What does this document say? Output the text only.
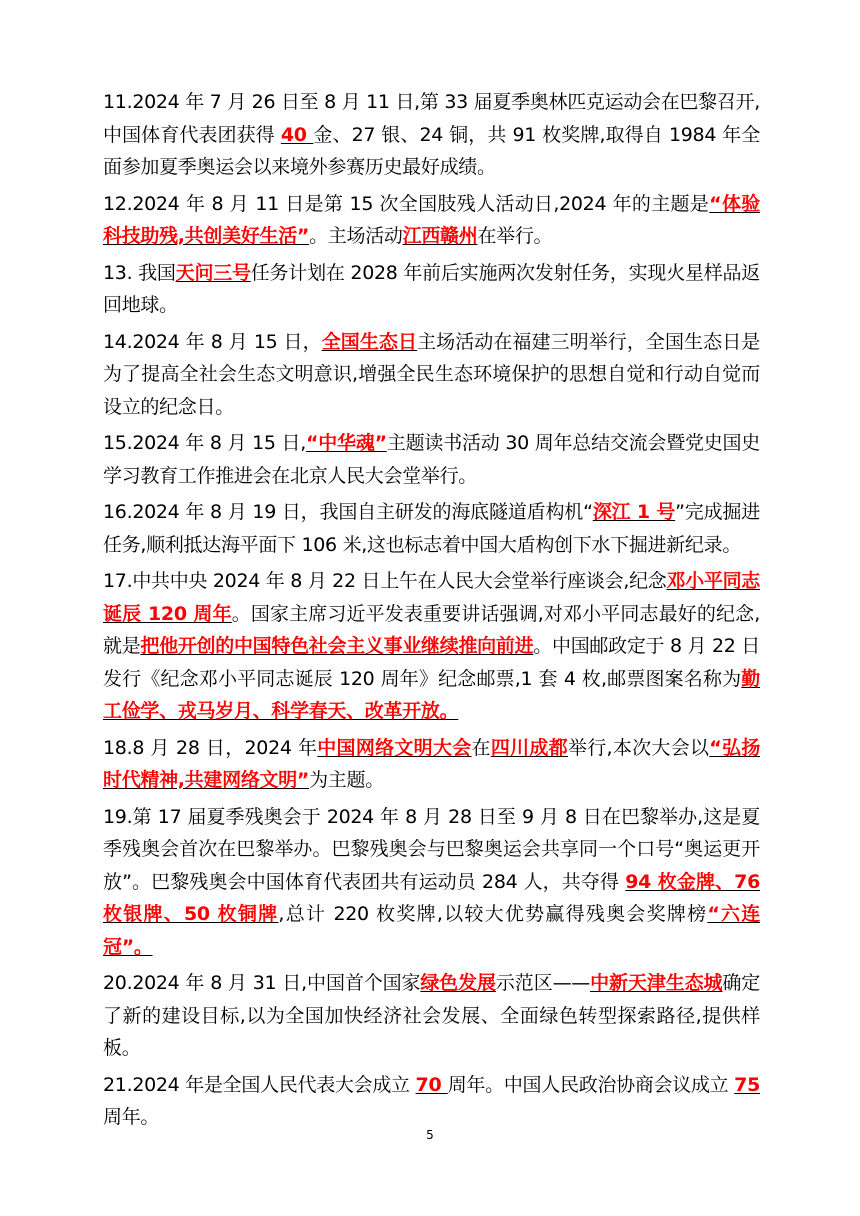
11.2024 年 7 月 26 日至 8 月 11 日,第 33 届夏季奥林匹克运动会在巴黎召开,中国体育代表团获得 40 金、27 银、24 铜，共 91 枚奖牌,取得自 1984 年全面参加夏季奥运会以来境外参赛历史最好成绩。

12.2024 年 8 月 11 日是第 15 次全国肢残人活动日,2024 年的主题是“体验科技助残,共创美好生活”。主场活动江西赣州在举行。

13. 我国天问三号任务计划在 2028 年前后实施两次发射任务，实现火星样品返回地球。

14.2024 年 8 月 15 日，全国生态日主场活动在福建三明举行，全国生态日是为了提高全社会生态文明意识,增强全民生态环境保护的思想自觉和行动自觉而设立的纪念日。

15.2024 年 8 月 15 日,“中华魂”主题读书活动 30 周年总结交流会暨党史国史学习教育工作推进会在北京人民大会堂举行。

16.2024 年 8 月 19 日，我国自主研发的海底隧道盾构机“深江 1 号”完成掘进任务,顺利抵达海平面下 106 米,这也标志着中国大盾构创下水下掘进新纪录。

17.中共中央 2024 年 8 月 22 日上午在人民大会堂举行座谈会,纪念邓小平同志诞辰 120 周年。国家主席习近平发表重要讲话强调,对邓小平同志最好的纪念,就是把他开创的中国特色社会主义事业继续推向前进。中国邮政定于 8 月 22 日发行《纪念邓小平同志诞辰 120 周年》纪念邮票,1 套 4 枚,邮票图案名称为勤工俭学、戎马岁月、科学春天、改革开放。

18.8 月 28 日，2024 年中国网络文明大会在四川成都举行,本次大会以“弘扬时代精神,共建网络文明”为主题。

19.第 17 届夏季残奥会于 2024 年 8 月 28 日至 9 月 8 日在巴黎举办,这是夏季残奥会首次在巴黎举办。巴黎残奥会与巴黎奥运会共享同一个口号“奥运更开放”。巴黎残奥会中国体育代表团共有运动员 284 人，共夺得 94 枚金牌、76 枚银牌、50 枚铜牌,总计 220 枚奖牌,以较大优势赢得残奥会奖牌榜“六连冠”。

20.2024 年 8 月 31 日,中国首个国家绿色发展示范区——中新天津生态城确定了新的建设目标,以为全国加快经济社会发展、全面绿色转型探索路径,提供样板。

21.2024 年是全国人民代表大会成立 70 周年。中国人民政治协商会议成立 75 周年。

5
